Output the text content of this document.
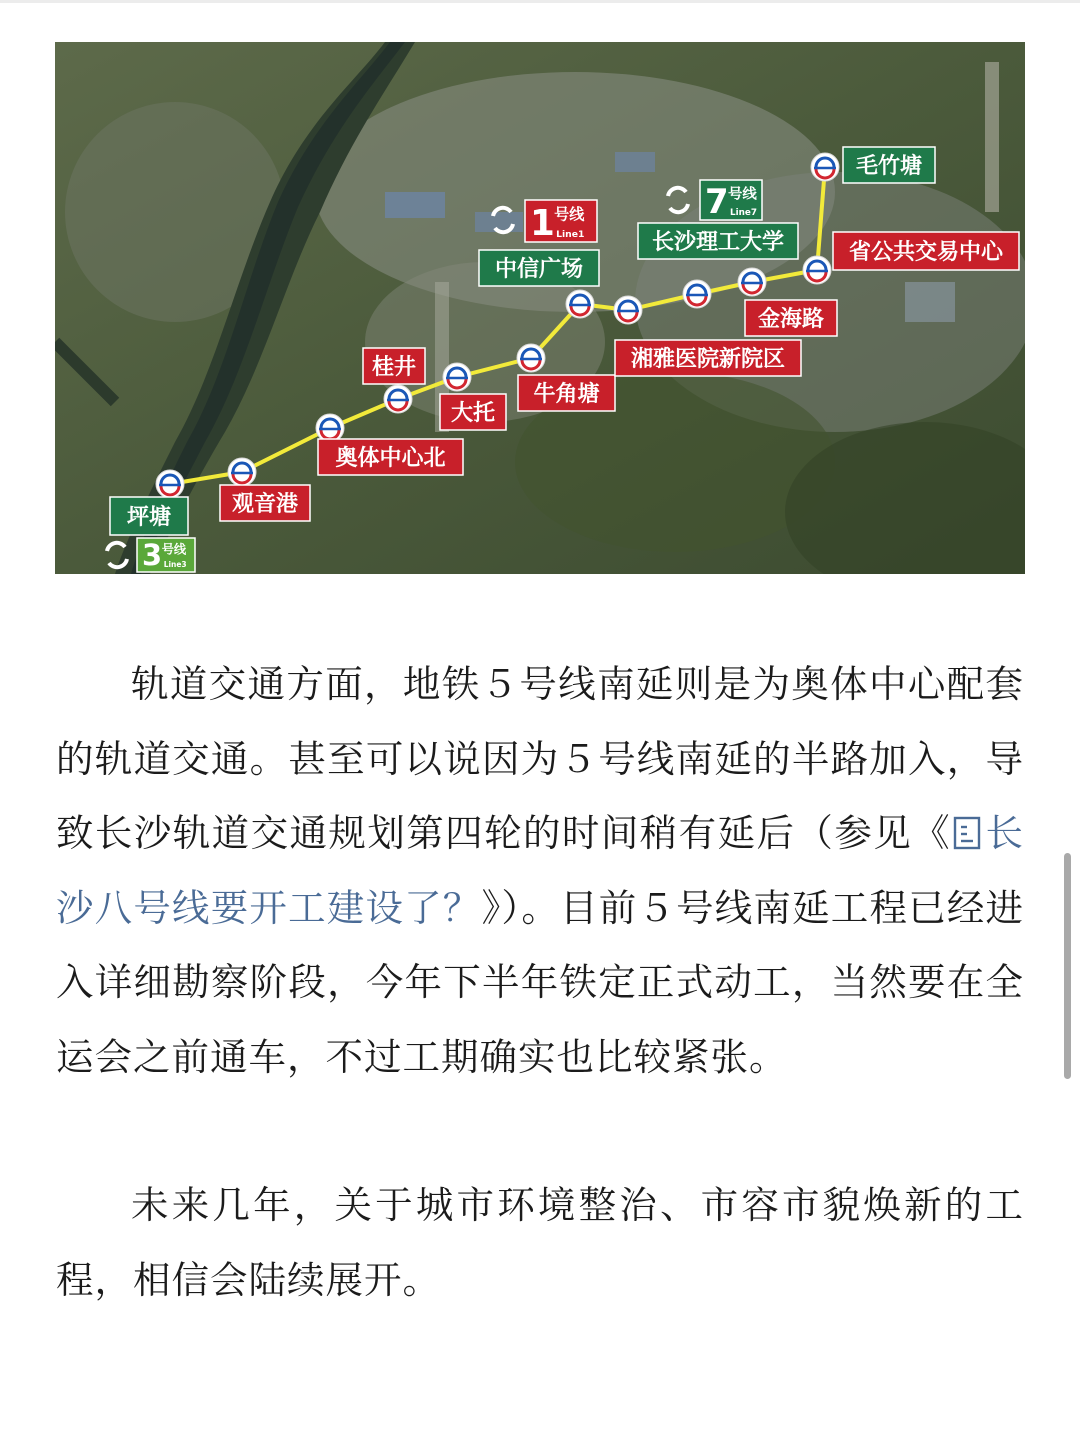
坪塘
观音港
奥体中心北
桂井
大托
牛角塘
中信广场
湘雅医院新院区
长沙理工大学
金海路
省公共交易中心
毛竹塘
1 号线
Line1
7 号线
Line7
3 号线
Line3

轨道交通方面，地铁５号线南延则是为奥体中心配套的轨道交通。甚至可以说因为５号线南延的半路加入，导致长沙轨道交通规划第四轮的时间稍有延后（参见《 长沙八号线要开工建设了？》）。目前５号线南延工程已经进入详细勘察阶段，今年下半年铁定正式动工，当然要在全运会之前通车，不过工期确实也比较紧张。

未来几年，关于城市环境整治、市容市貌焕新的工程，相信会陆续展开。
